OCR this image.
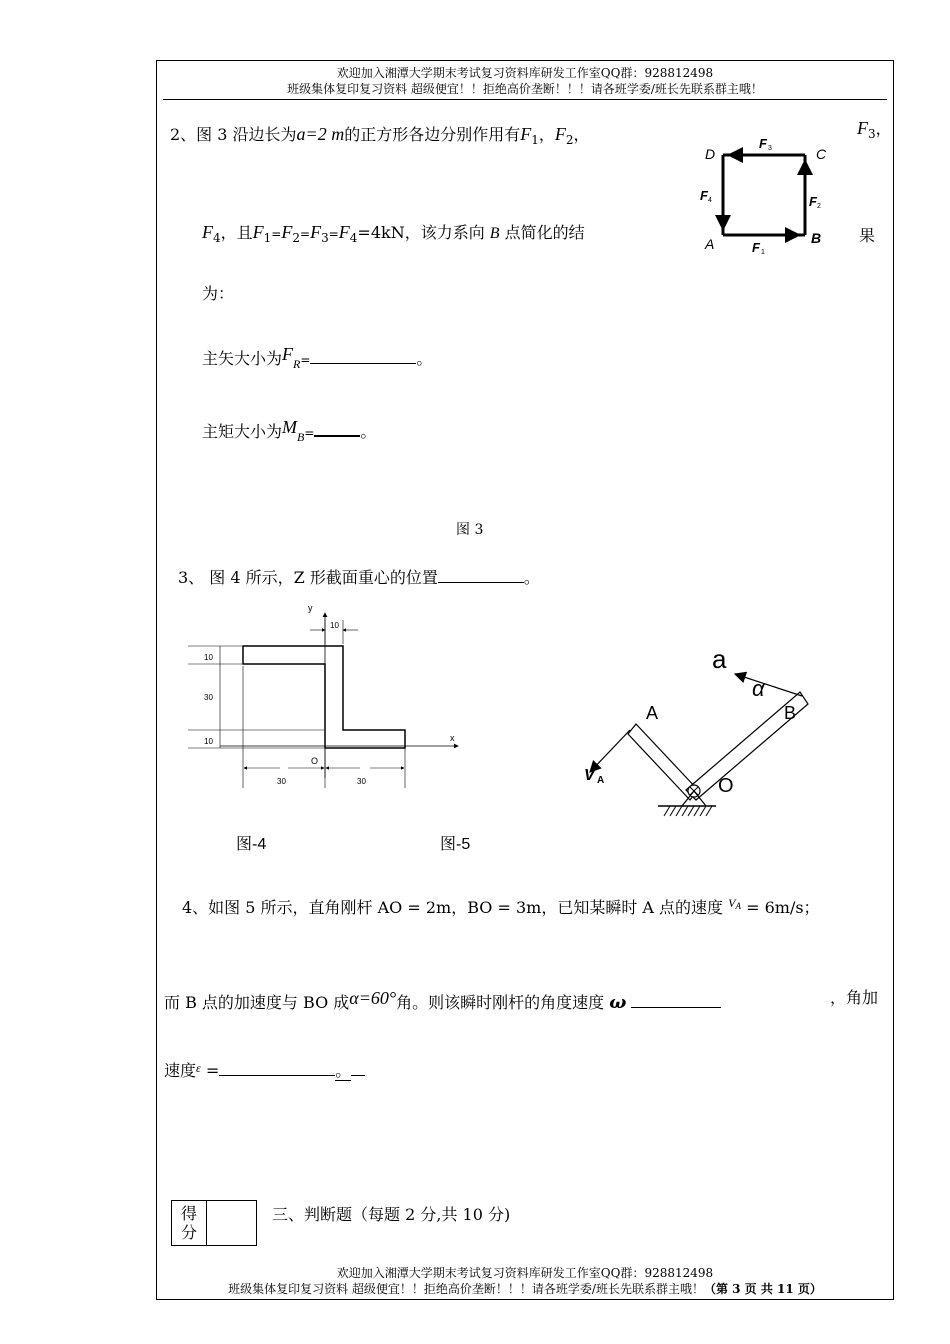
欢迎加入湘潭大学期末考试复习资料库研发工作室QQ群：928812498
班级集体复印复习资料 超级便宜！！拒绝高价垄断！！！请各班学委/班长先联系群主哦！
2、图 3 沿边长为a=2 m的正方形各边分别作用有$F_1$，$F_2$，	$F_3$，
$F_4$，且$F_1=F_2=F_3=F_4=4kN$，该力系向 B 点简化的结	果
为：
主矢大小为$F_R=$	。
主矩大小为$M_B=$	。
图 3
D	C
A	B
F 3
F 4
F 1
F 2
3、 图 4 所示，Z 形截面重心的位置	。
y
x
O
10
10
30
10
30	30
a
α
A	B
O
V A
图-4	图-5
4、如图 5 所示，直角刚杆 AO = 2m，BO = 3m，已知某瞬时 A 点的速度 $^V_A$ = 6m/s；
而 B 点的加速度与 BO 成α=60°角。则该瞬时刚杆的角度速度 ω	，角加
速度$^\varepsilon$ =	。
得分
三、判断题（每题 2 分,共 10 分)
欢迎加入湘潭大学期末考试复习资料库研发工作室QQ群：928812498
班级集体复印复习资料 超级便宜！！拒绝高价垄断！！！请各班学委/班长先联系群主哦！（第 3 页 共 11 页）
